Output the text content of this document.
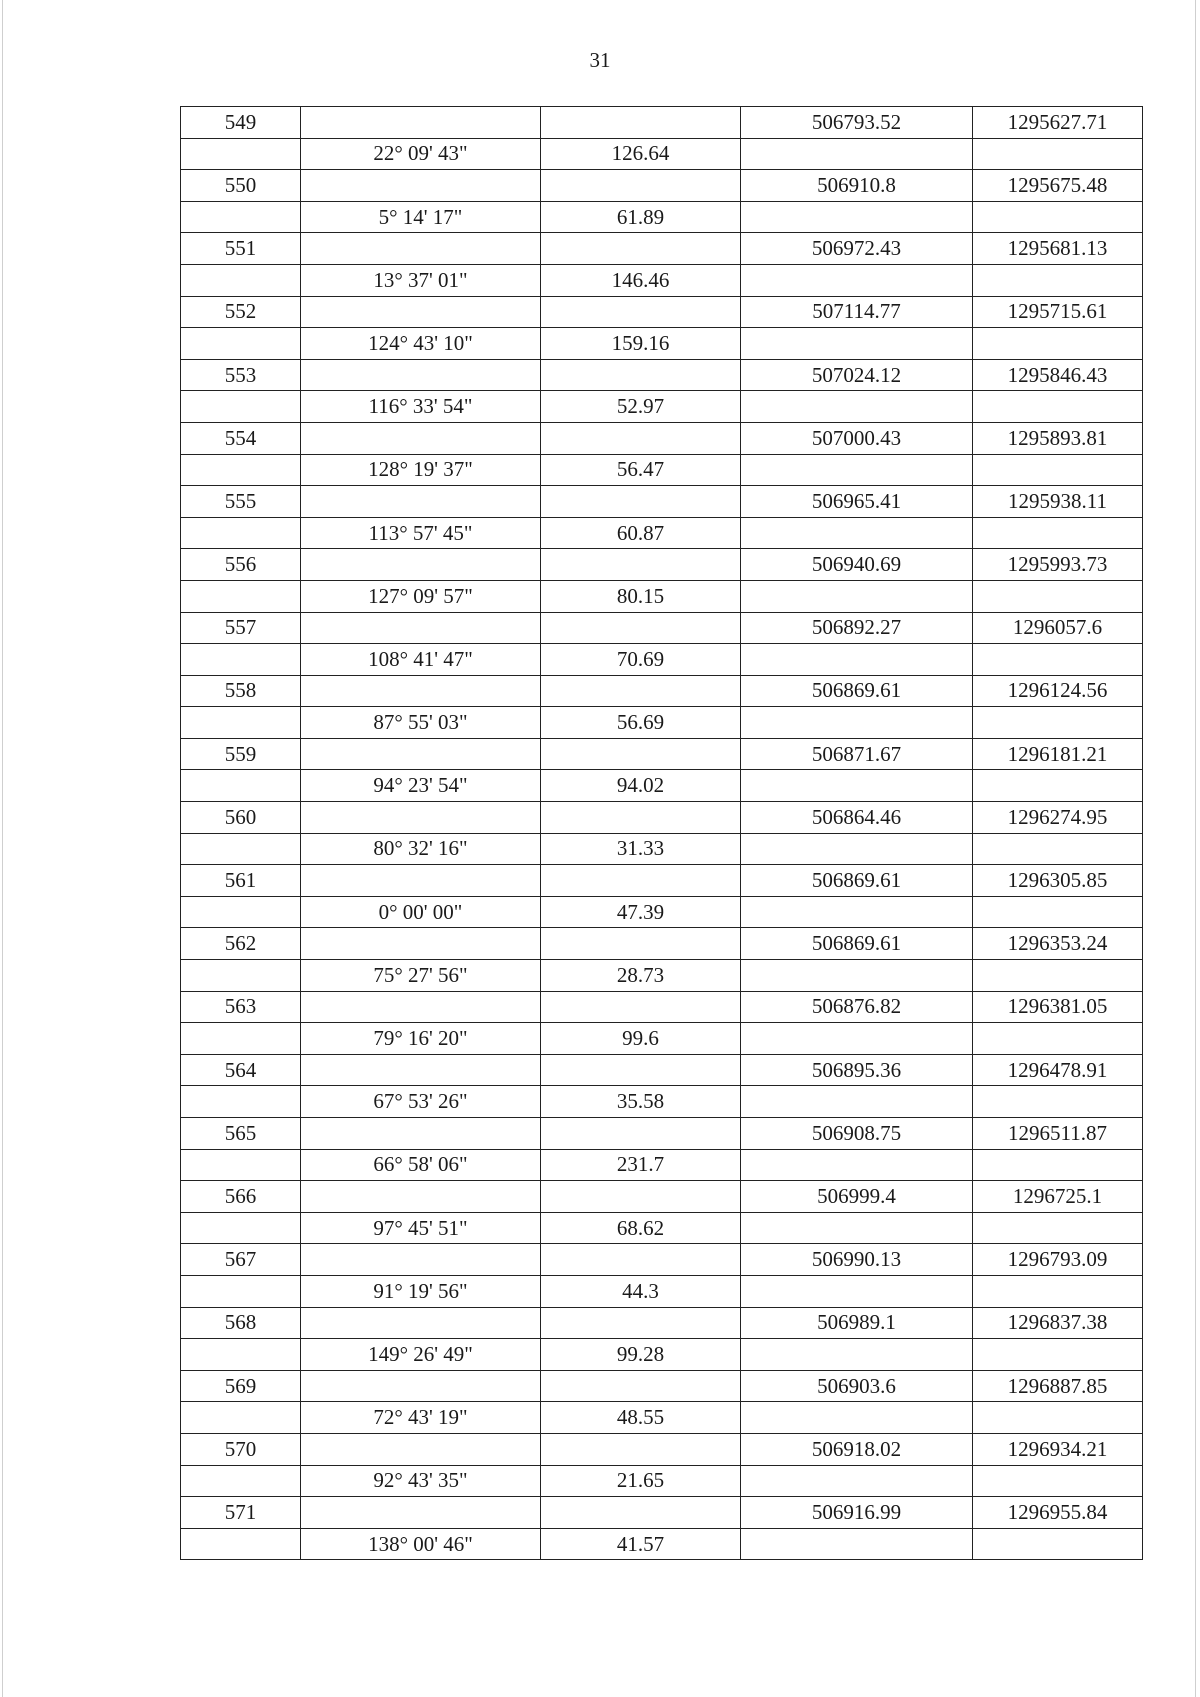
31
549			506793.52	1295627.71
	22° 09' 43"	126.64		
550			506910.8	1295675.48
	5° 14' 17"	61.89		
551			506972.43	1295681.13
	13° 37' 01"	146.46		
552			507114.77	1295715.61
	124° 43' 10"	159.16		
553			507024.12	1295846.43
	116° 33' 54"	52.97		
554			507000.43	1295893.81
	128° 19' 37"	56.47		
555			506965.41	1295938.11
	113° 57' 45"	60.87		
556			506940.69	1295993.73
	127° 09' 57"	80.15		
557			506892.27	1296057.6
	108° 41' 47"	70.69		
558			506869.61	1296124.56
	87° 55' 03"	56.69		
559			506871.67	1296181.21
	94° 23' 54"	94.02		
560			506864.46	1296274.95
	80° 32' 16"	31.33		
561			506869.61	1296305.85
	0° 00' 00"	47.39		
562			506869.61	1296353.24
	75° 27' 56"	28.73		
563			506876.82	1296381.05
	79° 16' 20"	99.6		
564			506895.36	1296478.91
	67° 53' 26"	35.58		
565			506908.75	1296511.87
	66° 58' 06"	231.7		
566			506999.4	1296725.1
	97° 45' 51"	68.62		
567			506990.13	1296793.09
	91° 19' 56"	44.3		
568			506989.1	1296837.38
	149° 26' 49"	99.28		
569			506903.6	1296887.85
	72° 43' 19"	48.55		
570			506918.02	1296934.21
	92° 43' 35"	21.65		
571			506916.99	1296955.84
	138° 00' 46"	41.57		
